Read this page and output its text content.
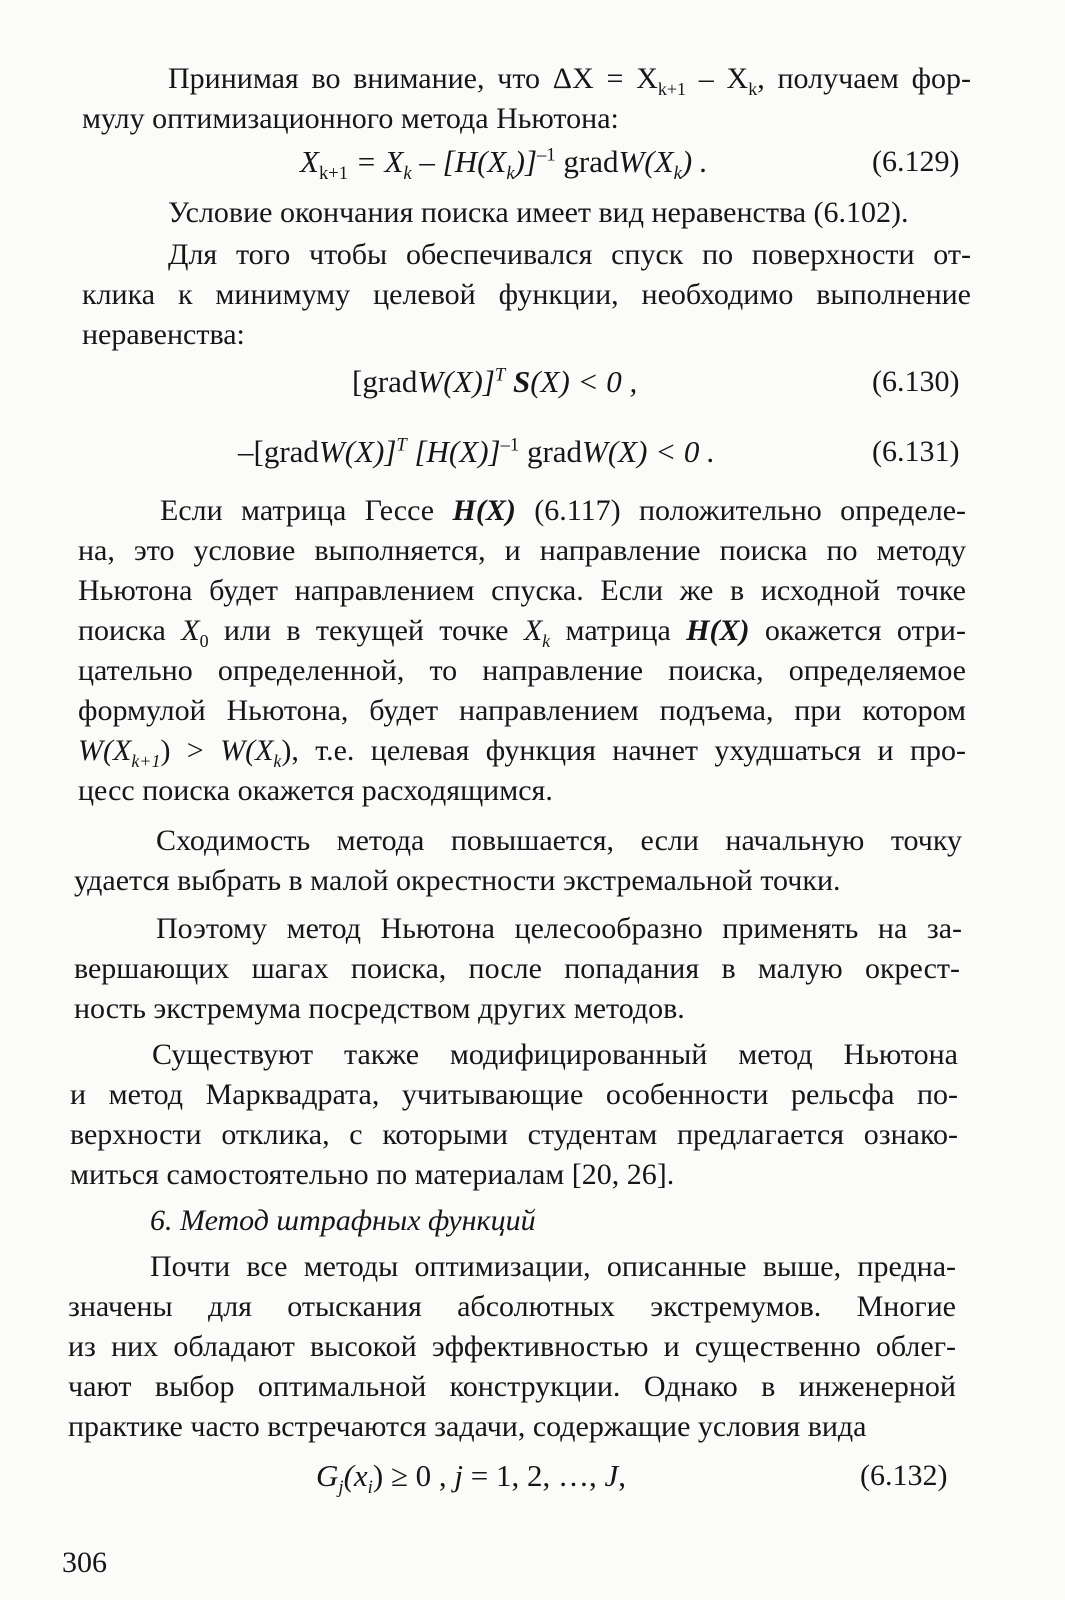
Принимая во внимание, что $\Delta X = X_{k+1} - X_k$, получаем фор-
мулу оптимизационного метода Ньютона:
$X_{k+1} = X_k - [H(X_k)]^{-1}$ $gradW(X_k)$ .	(6.129)
Условие окончания поиска имеет вид неравенства (6.102).
Для того чтобы обеспечивался спуск по поверхности от-
клика к минимуму целевой функции, необходимо выполнение
неравенства:
[gradW(X)]$^T$ S(X) < 0 ,	(6.130)
–[gradW(X)]$^T$ $[H(X)]^{-1}$ gradW(X) < 0 .	(6.131)
Если матрица Гессе H(X) (6.117) положительно определе-
на, это условие выполняется, и направление поиска по методу
Ньютона будет направлением спуска. Если же в исходной точке
поиска $X_0$ или в текущей точке $X_k$ матрица H(X) окажется отри-
цательно определенной, то направление поиска, определяемое
формулой Ньютона, будет направлением подъема, при котором
$W(X_{k+1}) > W(X_k)$, т.е. целевая функция начнет ухудшаться и про-
цесс поиска окажется расходящимся.
Сходимость метода повышается, если начальную точку
удается выбрать в малой окрестности экстремальной точки.
Поэтому метод Ньютона целесообразно применять на за-
вершающих шагах поиска, после попадания в малую окрест-
ность экстремума посредством других методов.
Существуют также модифицированный метод Ньютона
и метод Марквадрата, учитывающие особенности рельсфа по-
верхности отклика, с которыми студентам предлагается ознако-
миться самостоятельно по материалам [20, 26].
6. Метод штрафных функций
Почти все методы оптимизации, описанные выше, предна-
значены для отыскания абсолютных экстремумов. Многие
из них обладают высокой эффективностью и существенно облег-
чают выбор оптимальной конструкции. Однако в инженерной
практике часто встречаются задачи, содержащие условия вида
$G_j(x_i) \ge 0$ , j = 1, 2, …, J,	(6.132)
306
